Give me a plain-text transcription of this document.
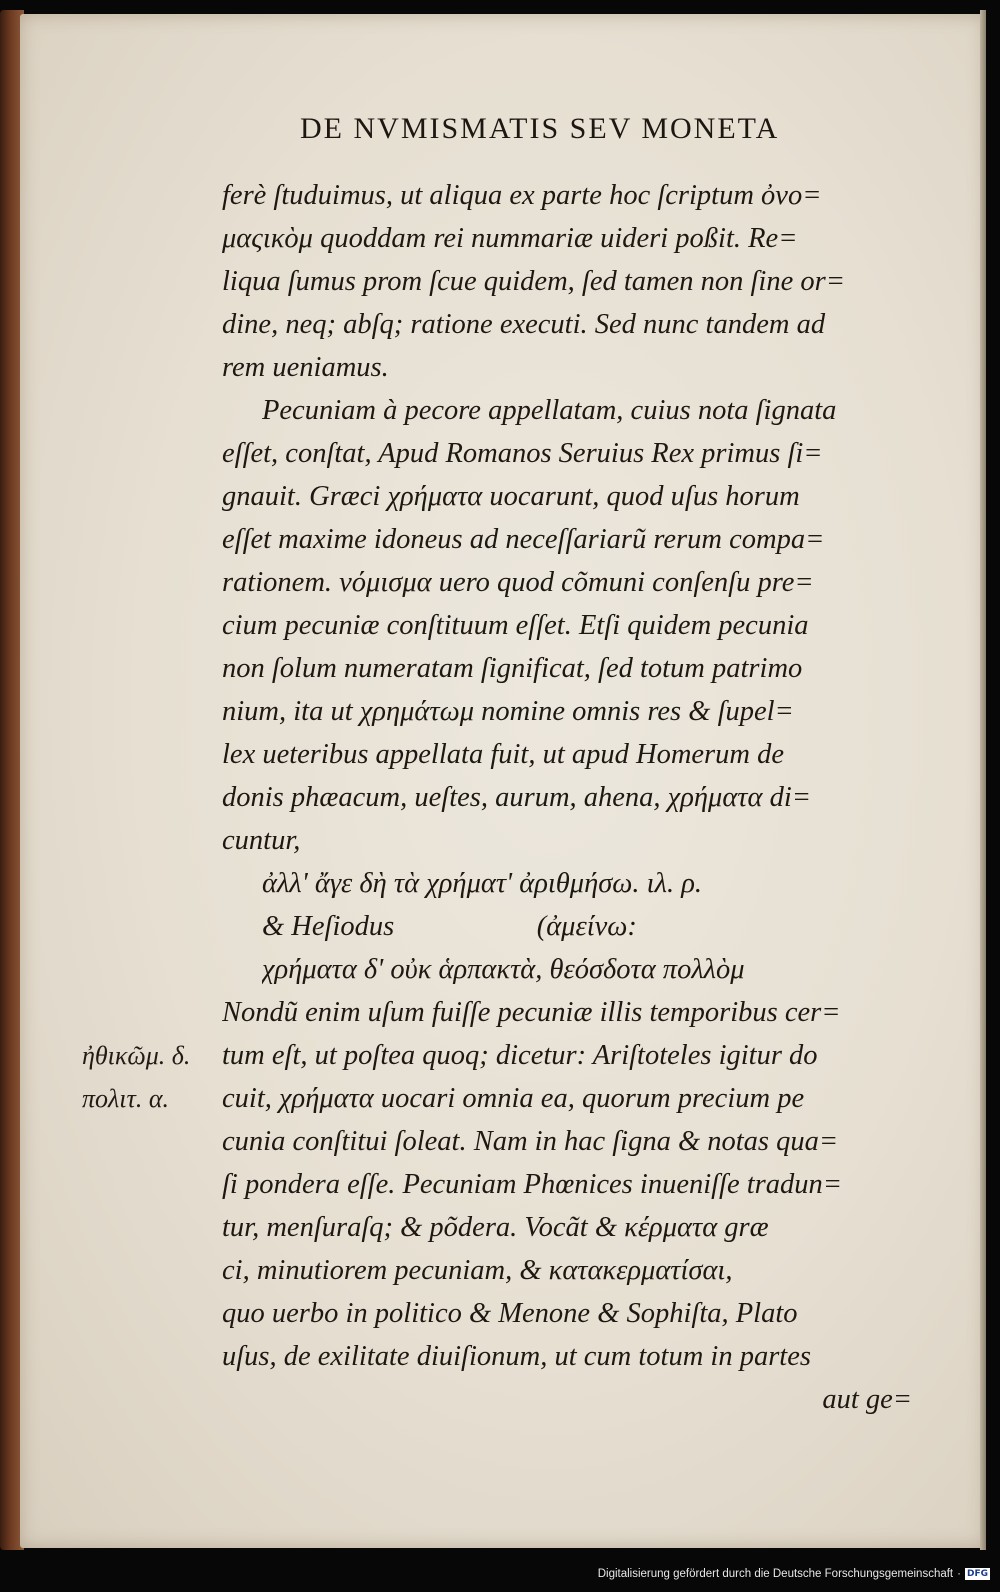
DE NVMISMATIS SEV MONETA
ferè ſtuduimus, ut aliqua ex parte hoc ſcriptum ὀνο=
μαςικὸμ quoddam rei nummariæ uideri poßit. Re=
liqua ſumus prom ſcue quidem, ſed tamen non ſine or=
dine, neq; abſq; ratione executi. Sed nunc tandem ad
rem ueniamus.
Pecuniam à pecore appellatam, cuius nota ſignata
eſſet, conſtat, Apud Romanos Seruius Rex primus ſi=
gnauit. Græci χρήματα uocarunt, quod uſus horum
eſſet maxime idoneus ad neceſſariarũ rerum compa=
rationem. νόμισμα uero quod cõmuni conſenſu pre=
cium pecuniæ conſtituum eſſet. Etſi quidem pecunia
non ſolum numeratam ſignificat, ſed totum patrimo
nium, ita ut χρημάτωμ nomine omnis res & ſupel=
lex ueteribus appellata fuit, ut apud Homerum de
donis phæacum, ueſtes, aurum, ahena, χρήματα di=
cuntur,
ἀλλ' ἄγε δὴ τὰ χρήματ' ἀριθμήσω. ιλ. ρ.
& Heſiodus                    (ἀμείνω:
χρήματα δ' οὐκ ἁρπακτὰ, θεόσδοτα πολλὸμ
Nondũ enim uſum fuiſſe pecuniæ illis temporibus cer=
tum eſt, ut poſtea quoq; dicetur: Ariſtoteles igitur do
cuit, χρήματα uocari omnia ea, quorum precium pe
cunia conſtitui ſoleat. Nam in hac ſigna & notas qua=
ſi pondera eſſe. Pecuniam Phœnices inueniſſe tradun=
tur, menſuraſq; & põdera. Vocãt & κέρματα græ
ci, minutiorem pecuniam, & κατακερματίσαι,
quo uerbo in politico & Menone & Sophiſta, Plato
uſus, de exilitate diuiſionum, ut cum totum in partes
aut ge=
ἠθικῶμ. δ.
πολιτ. α.
Digitalisierung gefördert durch die Deutsche Forschungsgemeinschaft · DFG
